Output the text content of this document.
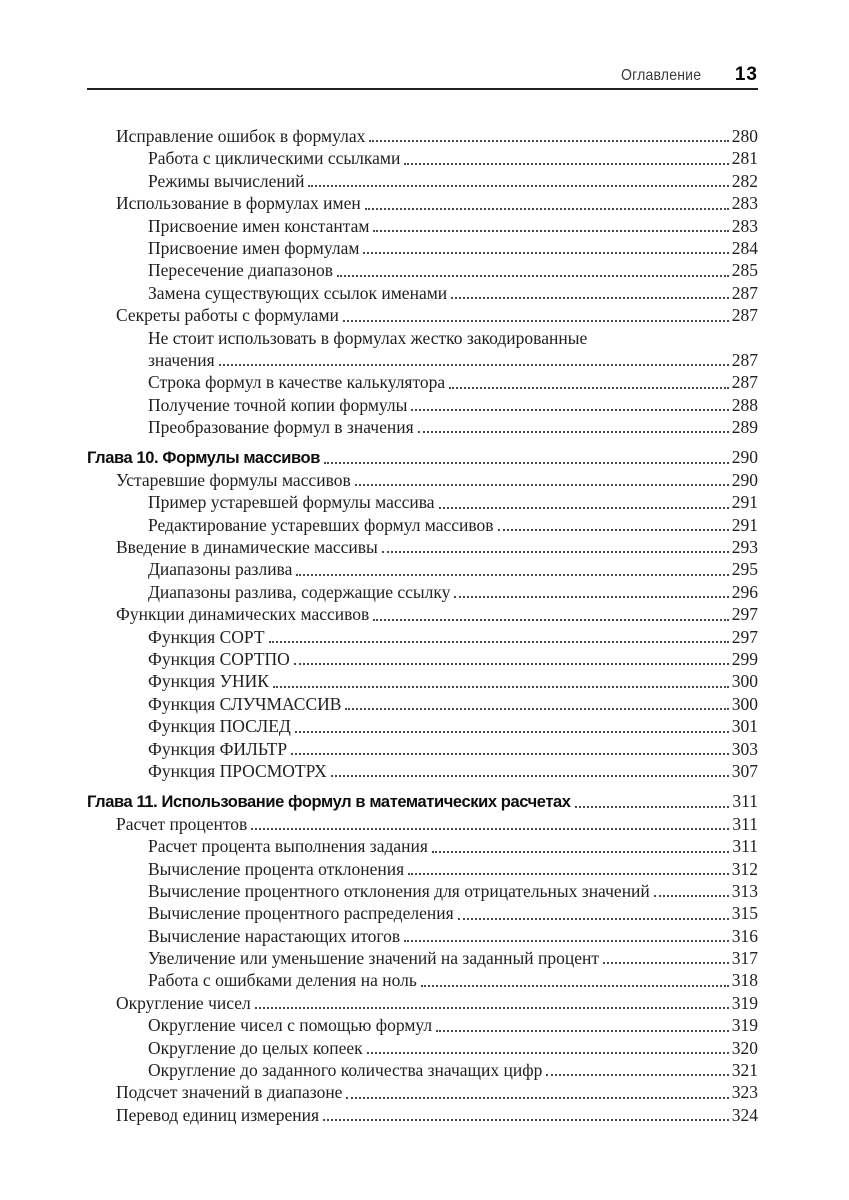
Оглавление 13
Исправление ошибок в формулах	280
Работа с циклическими ссылками	281
Режимы вычислений	282
Использование в формулах имен	283
Присвоение имен константам	283
Присвоение имен формулам	284
Пересечение диапазонов	285
Замена существующих ссылок именами	287
Секреты работы с формулами	287
Не стоит использовать в формулах жестко закодированные
значения	287
Строка формул в качестве калькулятора	287
Получение точной копии формулы	288
Преобразование формул в значения	289
Глава 10. Формулы массивов	290
Устаревшие формулы массивов	290
Пример устаревшей формулы массива	291
Редактирование устаревших формул массивов	291
Введение в динамические массивы	293
Диапазоны разлива	295
Диапазоны разлива, содержащие ссылку	296
Функции динамических массивов	297
Функция СОРТ	297
Функция СОРТПО	299
Функция УНИК	300
Функция СЛУЧМАССИВ	300
Функция ПОСЛЕД	301
Функция ФИЛЬТР	303
Функция ПРОСМОТРХ	307
Глава 11. Использование формул в математических расчетах	311
Расчет процентов	311
Расчет процента выполнения задания	311
Вычисление процента отклонения	312
Вычисление процентного отклонения для отрицательных значений	313
Вычисление процентного распределения	315
Вычисление нарастающих итогов	316
Увеличение или уменьшение значений на заданный процент	317
Работа с ошибками деления на ноль	318
Округление чисел	319
Округление чисел с помощью формул	319
Округление до целых копеек	320
Округление до заданного количества значащих цифр	321
Подсчет значений в диапазоне	323
Перевод единиц измерения	324
